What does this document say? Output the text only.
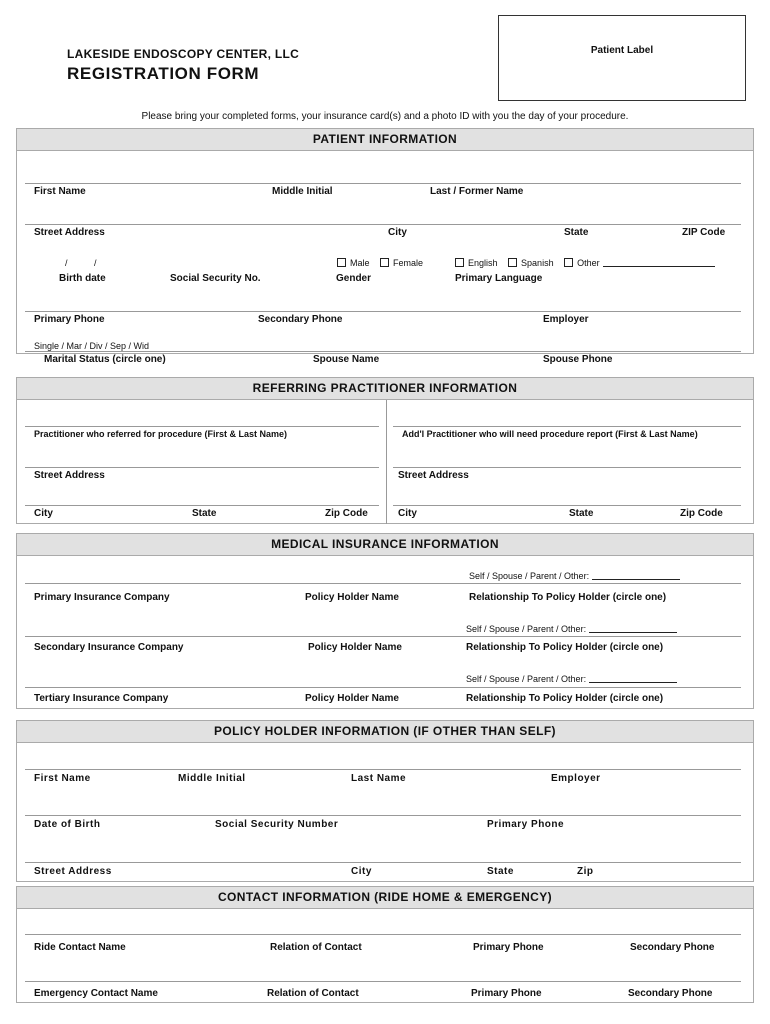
LAKESIDE ENDOSCOPY CENTER, LLC
REGISTRATION FORM
Patient Label
Please bring your completed forms, your insurance card(s) and a photo ID with you the day of your procedure.
PATIENT INFORMATION
First Name	Middle Initial	Last / Former Name
Street Address	City	State	ZIP Code
/ /	Male	Female	English	Spanish	Other
Birth date	Social Security No.	Gender	Primary Language
Primary Phone	Secondary Phone	Employer
Single / Mar / Div / Sep / Wid
Marital Status (circle one)	Spouse Name	Spouse Phone
REFERRING PRACTITIONER INFORMATION
Practitioner who referred for procedure (First & Last Name)	Add'l Practitioner who will need procedure report (First & Last Name)
Street Address	Street Address
City	State	Zip Code	City	State	Zip Code
MEDICAL INSURANCE INFORMATION
Self / Spouse / Parent / Other:
Primary Insurance Company	Policy Holder Name	Relationship To Policy Holder (circle one)
Self / Spouse / Parent / Other:
Secondary Insurance Company	Policy Holder Name	Relationship To Policy Holder (circle one)
Self / Spouse / Parent / Other:
Tertiary Insurance Company	Policy Holder Name	Relationship To Policy Holder (circle one)
POLICY HOLDER INFORMATION (IF OTHER THAN SELF)
First Name	Middle Initial	Last Name	Employer
Date of Birth	Social Security Number	Primary Phone
Street Address	City	State	Zip
CONTACT INFORMATION (RIDE HOME & EMERGENCY)
Ride Contact Name	Relation of Contact	Primary Phone	Secondary Phone
Emergency Contact Name	Relation of Contact	Primary Phone	Secondary Phone
